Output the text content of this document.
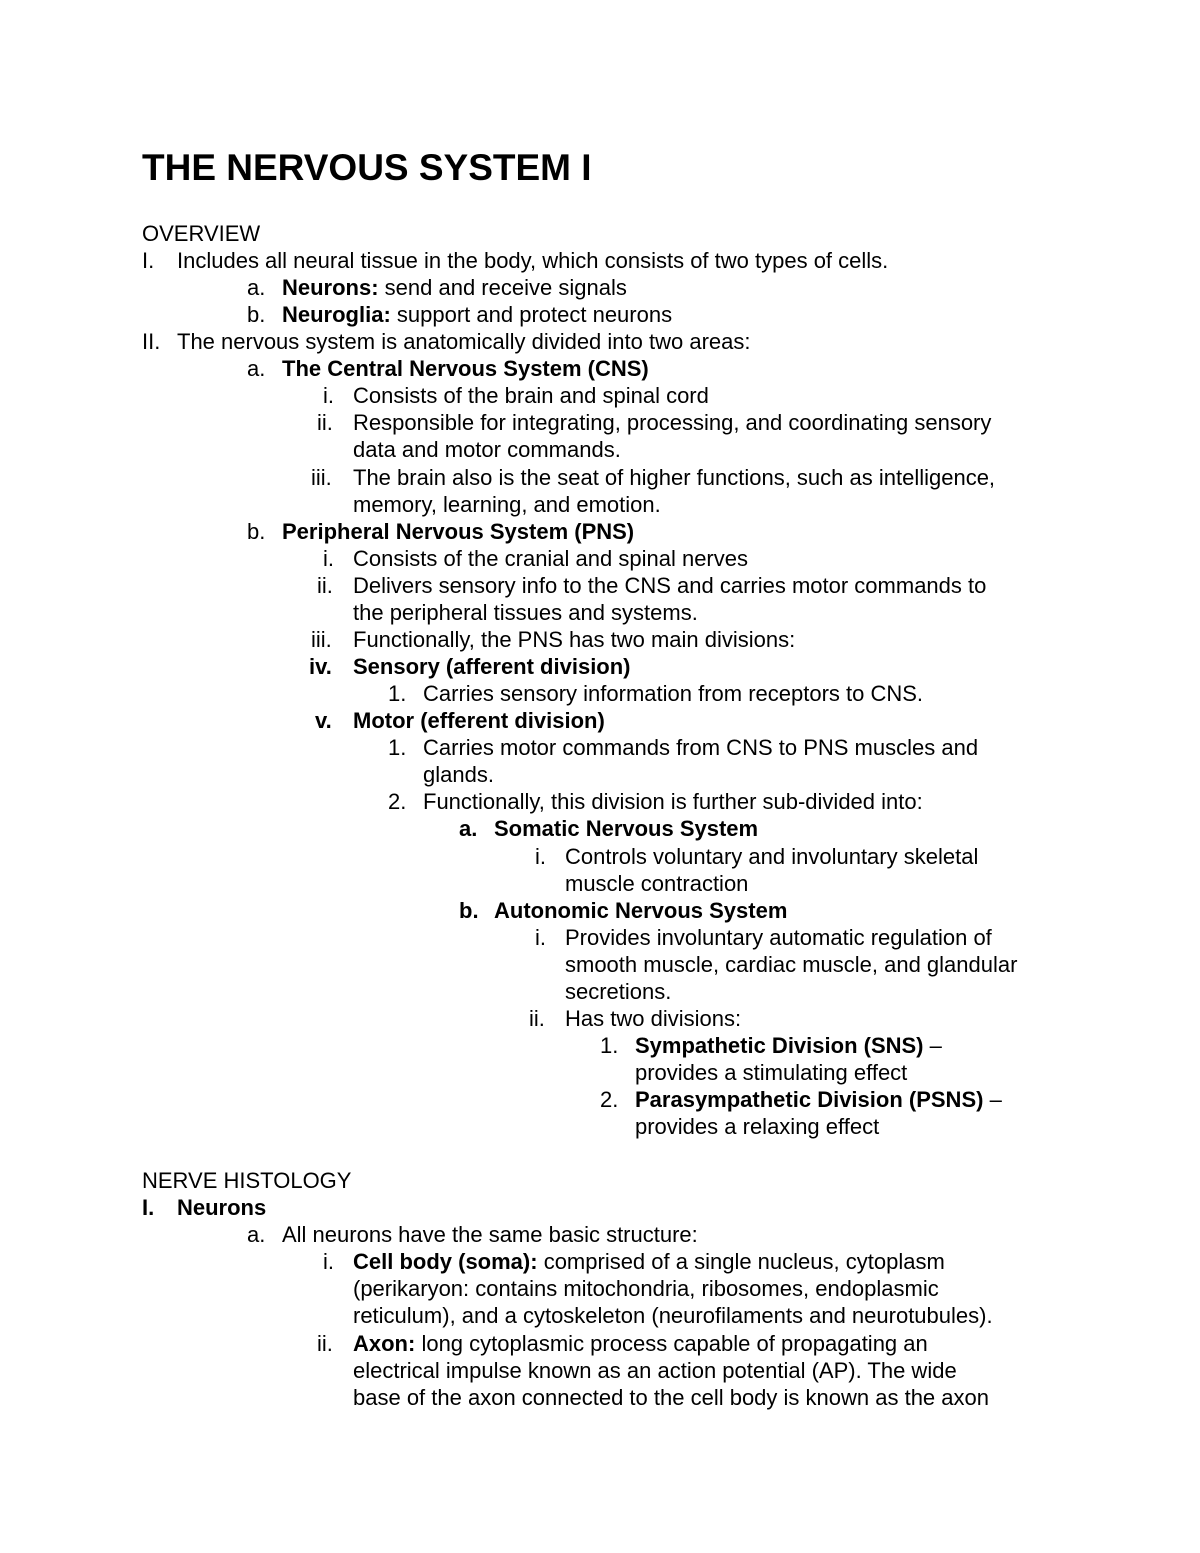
THE NERVOUS SYSTEM I

OVERVIEW

I. Includes all neural tissue in the body, which consists of two types of cells.

a. Neurons: send and receive signals

b. Neuroglia: support and protect neurons

II. The nervous system is anatomically divided into two areas:

a. The Central Nervous System (CNS)

i. Consists of the brain and spinal cord

ii. Responsible for integrating, processing, and coordinating sensory

data and motor commands.

iii. The brain also is the seat of higher functions, such as intelligence,

memory, learning, and emotion.

b. Peripheral Nervous System (PNS)

i. Consists of the cranial and spinal nerves

ii. Delivers sensory info to the CNS and carries motor commands to

the peripheral tissues and systems.

iii. Functionally, the PNS has two main divisions:

iv. Sensory (afferent division)

1. Carries sensory information from receptors to CNS.

v. Motor (efferent division)

1. Carries motor commands from CNS to PNS muscles and

glands.

2. Functionally, this division is further sub-divided into:

a. Somatic Nervous System

i. Controls voluntary and involuntary skeletal

muscle contraction

b. Autonomic Nervous System

i. Provides involuntary automatic regulation of

smooth muscle, cardiac muscle, and glandular

secretions.

ii. Has two divisions:

1. Sympathetic Division (SNS) –

provides a stimulating effect

2. Parasympathetic Division (PSNS) –

provides a relaxing effect

NERVE HISTOLOGY

I. Neurons

a. All neurons have the same basic structure:

i. Cell body (soma): comprised of a single nucleus, cytoplasm

(perikaryon: contains mitochondria, ribosomes, endoplasmic

reticulum), and a cytoskeleton (neurofilaments and neurotubules).

ii. Axon: long cytoplasmic process capable of propagating an

electrical impulse known as an action potential (AP). The wide

base of the axon connected to the cell body is known as the axon
